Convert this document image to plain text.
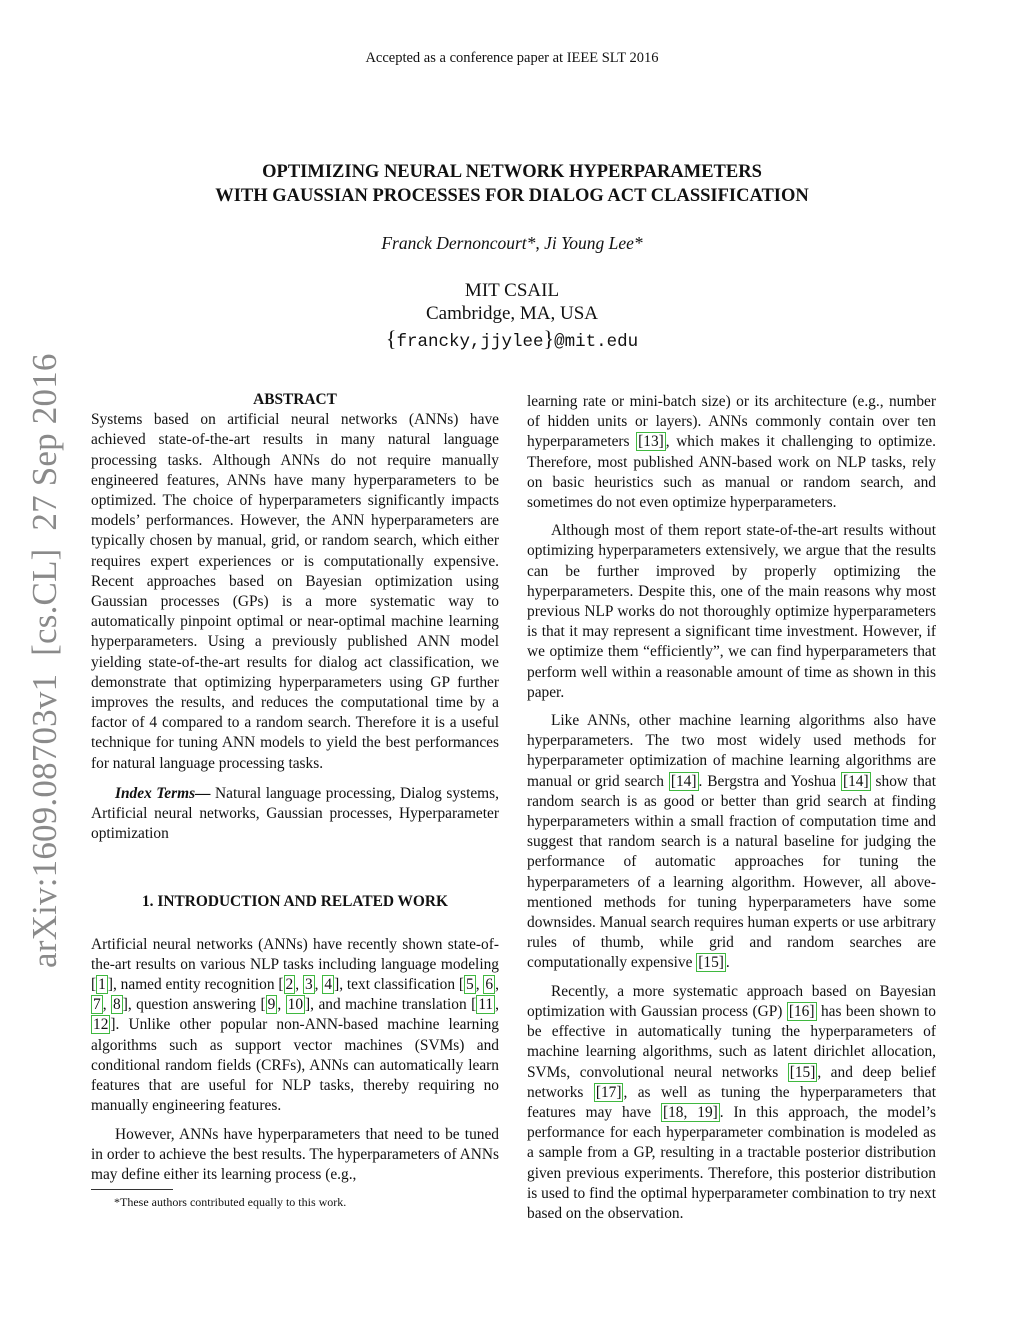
Accepted as a conference paper at IEEE SLT 2016
OPTIMIZING NEURAL NETWORK HYPERPARAMETERS
WITH GAUSSIAN PROCESSES FOR DIALOG ACT CLASSIFICATION
Franck Dernoncourt*, Ji Young Lee*
MIT CSAIL
Cambridge, MA, USA
{francky,jjylee}@mit.edu
arXiv:1609.08703v1  [cs.CL]  27 Sep 2016	ABSTRACT

Systems based on artificial neural networks (ANNs) have achieved state-of-the-art results in many natural language processing tasks. Although ANNs do not require manually engineered features, ANNs have many hyperparameters to be optimized. The choice of hyperparameters significantly impacts models’ performances. However, the ANN hyperparameters are typically chosen by manual, grid, or random search, which either requires expert experiences or is computationally expensive. Recent approaches based on Bayesian optimization using Gaussian processes (GPs) is a more systematic way to automatically pinpoint optimal or near-optimal machine learning hyperparameters. Using a previously published ANN model yielding state-of-the-art results for dialog act classification, we demonstrate that optimizing hyperparameters using GP further improves the results, and reduces the computational time by a factor of 4 compared to a random search. Therefore it is a useful technique for tuning ANN models to yield the best performances for natural language processing tasks.

Index Terms— Natural language processing, Dialog systems, Artificial neural networks, Gaussian processes, Hyperparameter optimization

1. INTRODUCTION AND RELATED WORK

Artificial neural networks (ANNs) have recently shown state-of-the-art results on various NLP tasks including language modeling [ 1 ], named entity recognition [ 2 , 3 , 4 ], text classification [ 5 , 6 , 7 , 8 ], question answering [ 9 , 10 ], and machine translation [ 11 , 12 ]. Unlike other popular non-ANN-based machine learning algorithms such as support vector machines (SVMs) and conditional random fields (CRFs), ANNs can automatically learn features that are useful for NLP tasks, thereby requiring no manually engineering features.

However, ANNs have hyperparameters that need to be tuned in order to achieve the best results. The hyperparameters of ANNs may define either its learning process (e.g.,

learning rate or mini-batch size) or its architecture (e.g., number of hidden units or layers). ANNs commonly contain over ten hyperparameters [13] , which makes it challenging to optimize. Therefore, most published ANN-based work on NLP tasks, rely on basic heuristics such as manual or random search, and sometimes do not even optimize hyperparameters.

Although most of them report state-of-the-art results without optimizing hyperparameters extensively, we argue that the results can be further improved by properly optimizing the hyperparameters. Despite this, one of the main reasons why most previous NLP works do not thoroughly optimize hyperparameters is that it may represent a significant time investment. However, if we optimize them “efficiently”, we can find hyperparameters that perform well within a reasonable amount of time as shown in this paper.

Like ANNs, other machine learning algorithms also have hyperparameters. The two most widely used methods for hyperparameter optimization of machine learning algorithms are manual or grid search [14] . Bergstra and Yoshua [14] show that random search is as good or better than grid search at finding hyperparameters within a small fraction of computation time and suggest that random search is a natural baseline for judging the performance of automatic approaches for tuning the hyperparameters of a learning algorithm. However, all above-mentioned methods for tuning hyperparameters have some downsides. Manual search requires human experts or use arbitrary rules of thumb, while grid and random searches are computationally expensive [15] .

Recently, a more systematic approach based on Bayesian optimization with Gaussian process (GP) [16] has been shown to be effective in automatically tuning the hyperparameters of machine learning algorithms, such as latent dirichlet allocation, SVMs, convolutional neural networks [15] , and deep belief networks [17] , as well as tuning the hyperparameters that features may have [18, 19] . In this approach, the model’s performance for each hyperparameter combination is modeled as a sample from a GP, resulting in a tractable posterior distribution given previous experiments. Therefore, this posterior distribution is used to find the optimal hyperparameter combination to try next based on the observation.

*These authors contributed equally to this work.
